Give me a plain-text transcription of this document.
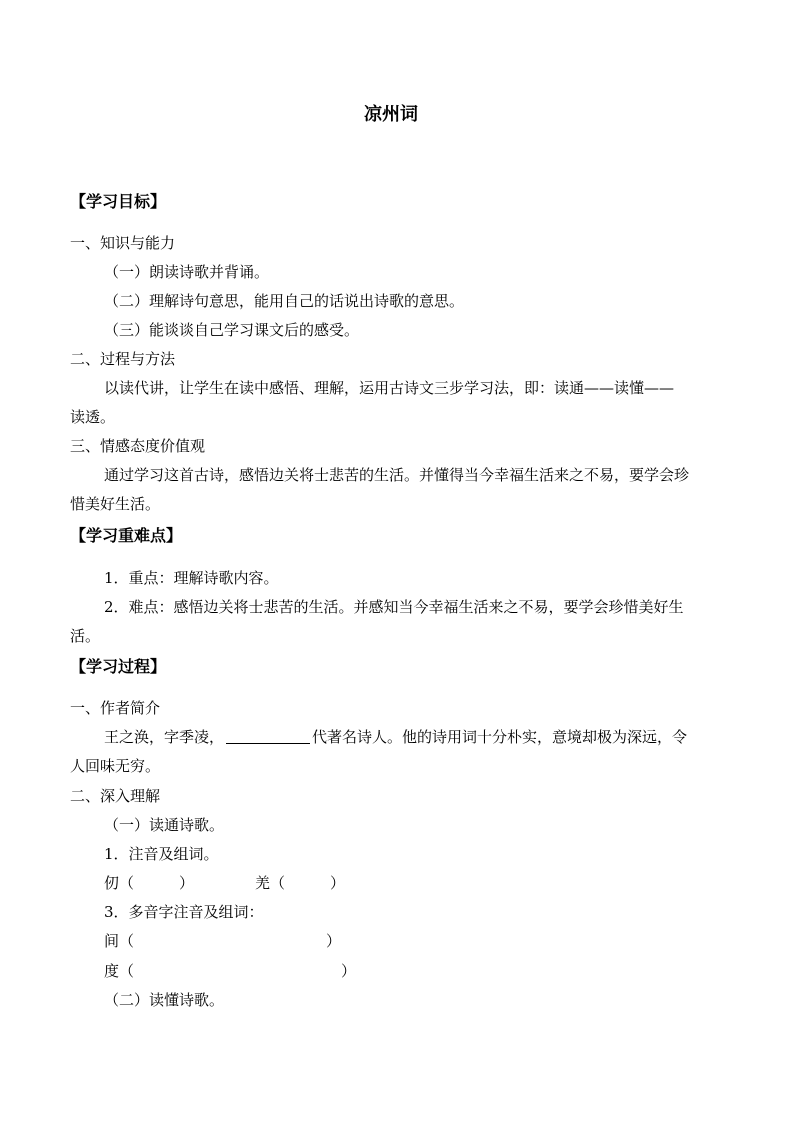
凉州词
【学习目标】
一、知识与能力
（一）朗读诗歌并背诵。
（二）理解诗句意思，能用自己的话说出诗歌的意思。
（三）能谈谈自己学习课文后的感受。
二、过程与方法
以读代讲，让学生在读中感悟、理解，运用古诗文三步学习法，即：读通——读懂——
读透。
三、情感态度价值观
通过学习这首古诗，感悟边关将士悲苦的生活。并懂得当今幸福生活来之不易，要学会珍
惜美好生活。
【学习重难点】
1．重点：理解诗歌内容。
2．难点：感悟边关将士悲苦的生活。并感知当今幸福生活来之不易，要学会珍惜美好生
活。
【学习过程】
一、作者简介
王之涣，字季凌，	代著名诗人。他的诗用词十分朴实，意境却极为深远，令
人回味无穷。
二、深入理解
（一）读通诗歌。
1．注音及组词。
仞（　　　）	羌（　　　）
3．多音字注音及组词：
间（	）
度（	）
（二）读懂诗歌。
